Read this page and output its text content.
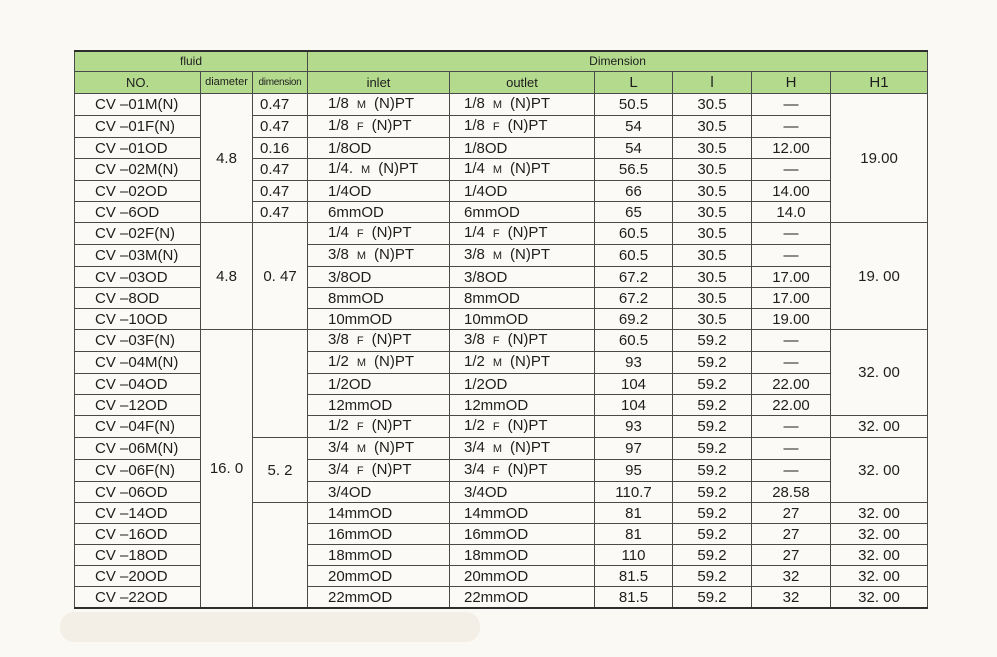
fluid			Dimension					
NO.	diameter	dimension	inlet	outlet	L	l	H	H1
CV –01M(N)	4.8	0.47	1/8 M (N)PT	1/8 M (N)PT	50.5	30.5	—	19.00
CV –01F(N)		0.47	1/8 F (N)PT	1/8 F (N)PT	54	30.5	—	
CV –01OD		0.16	1/8OD	1/8OD	54	30.5	12.00	
CV –02M(N)		0.47	1/4. M (N)PT	1/4 M (N)PT	56.5	30.5	—	
CV –02OD		0.47	1/4OD	1/4OD	66	30.5	14.00	
CV –6OD		0.47	6mmOD	6mmOD	65	30.5	14.0	
CV –02F(N)	4.8	0. 47	1/4 F (N)PT	1/4 F (N)PT	60.5	30.5	—	19. 00
CV –03M(N)			3/8 M (N)PT	3/8 M (N)PT	60.5	30.5	—	
CV –03OD			3/8OD	3/8OD	67.2	30.5	17.00	
CV –8OD			8mmOD	8mmOD	67.2	30.5	17.00	
CV –10OD			10mmOD	10mmOD	69.2	30.5	19.00	
CV –03F(N)	16. 0		3/8 F (N)PT	3/8 F (N)PT	60.5	59.2	—	32. 00
CV –04M(N)			1/2 M (N)PT	1/2 M (N)PT	93	59.2	—	
CV –04OD			1/2OD	1/2OD	104	59.2	22.00	
CV –12OD			12mmOD	12mmOD	104	59.2	22.00	
CV –04F(N)			1/2 F (N)PT	1/2 F (N)PT	93	59.2	—	32. 00
CV –06M(N)		5. 2	3/4 M (N)PT	3/4 M (N)PT	97	59.2	—	32. 00
CV –06F(N)			3/4 F (N)PT	3/4 F (N)PT	95	59.2	—	
CV –06OD			3/4OD	3/4OD	110.7	59.2	28.58	
CV –14OD			14mmOD	14mmOD	81	59.2	27	32. 00
CV –16OD			16mmOD	16mmOD	81	59.2	27	32. 00
CV –18OD			18mmOD	18mmOD	110	59.2	27	32. 00
CV –20OD			20mmOD	20mmOD	81.5	59.2	32	32. 00
CV –22OD			22mmOD	22mmOD	81.5	59.2	32	32. 00
